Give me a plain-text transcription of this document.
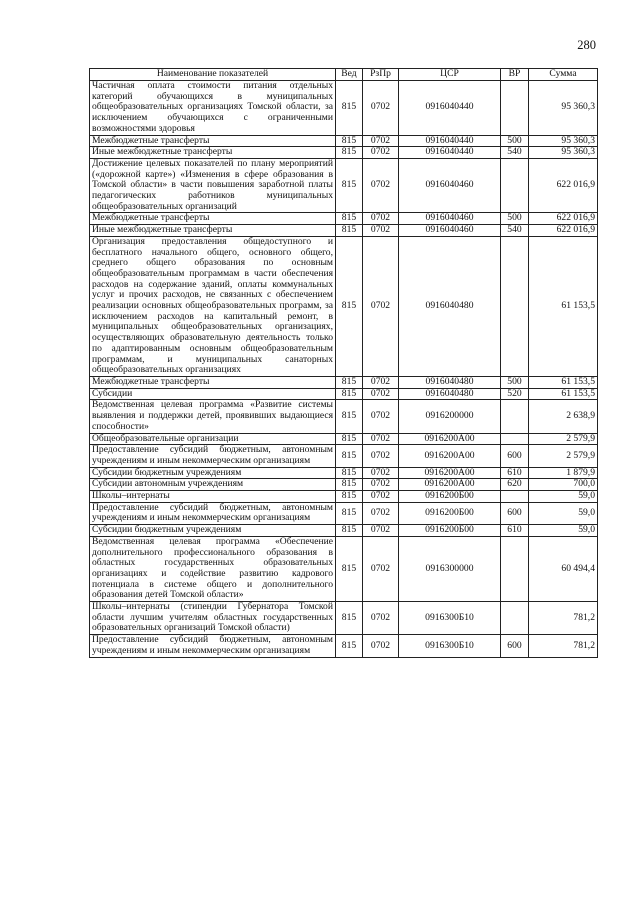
280
Наименование показателей	Вед	РзПр	ЦСР	ВР	Сумма
Частичная оплата стоимости питания отдельных категорий обучающихся в муниципальных общеобразовательных организациях Томской области, за исключением обучающихся с ограниченными возможностями здоровья	815	0702	0916040440		95 360,3
Межбюджетные трансферты	815	0702	0916040440	500	95 360,3
Иные межбюджетные трансферты	815	0702	0916040440	540	95 360,3
Достижение целевых показателей по плану мероприятий («дорожной карте») «Изменения в сфере образования в Томской области» в части повышения заработной платы педагогических работников муниципальных общеобразовательных организаций	815	0702	0916040460		622 016,9
Межбюджетные трансферты	815	0702	0916040460	500	622 016,9
Иные межбюджетные трансферты	815	0702	0916040460	540	622 016,9
Организация предоставления общедоступного и бесплатного начального общего, основного общего, среднего общего образования по основным общеобразовательным программам в части обеспечения расходов на содержание зданий, оплаты коммунальных услуг и прочих расходов, не связанных с обеспечением реализации основных общеобразовательных программ, за исключением расходов на капитальный ремонт, в муниципальных общеобразовательных организациях, осуществляющих образовательную деятельность только по адаптированным основным общеобразовательным программам, и муниципальных санаторных общеобразовательных организациях	815	0702	0916040480		61 153,5
Межбюджетные трансферты	815	0702	0916040480	500	61 153,5
Субсидии	815	0702	0916040480	520	61 153,5
Ведомственная целевая программа «Развитие системы выявления и поддержки детей, проявивших выдающиеся способности»	815	0702	0916200000		2 638,9
Общеобразовательные организации	815	0702	0916200А00		2 579,9
Предоставление субсидий бюджетным, автономным учреждениям и иным некоммерческим организациям	815	0702	0916200А00	600	2 579,9
Субсидии бюджетным учреждениям	815	0702	0916200А00	610	1 879,9
Субсидии автономным учреждениям	815	0702	0916200А00	620	700,0
Школы–интернаты	815	0702	0916200Б00		59,0
Предоставление субсидий бюджетным, автономным учреждениям и иным некоммерческим организациям	815	0702	0916200Б00	600	59,0
Субсидии бюджетным учреждениям	815	0702	0916200Б00	610	59,0
Ведомственная целевая программа «Обеспечение дополнительного профессионального образования в областных государственных образовательных организациях и содействие развитию кадрового потенциала в системе общего и дополнительного образования детей Томской области»	815	0702	0916300000		60 494,4
Школы–интернаты (стипендии Губернатора Томской области лучшим учителям областных государственных образовательных организаций Томской области)	815	0702	0916300Б10		781,2
Предоставление субсидий бюджетным, автономным учреждениям и иным некоммерческим организациям	815	0702	0916300Б10	600	781,2
